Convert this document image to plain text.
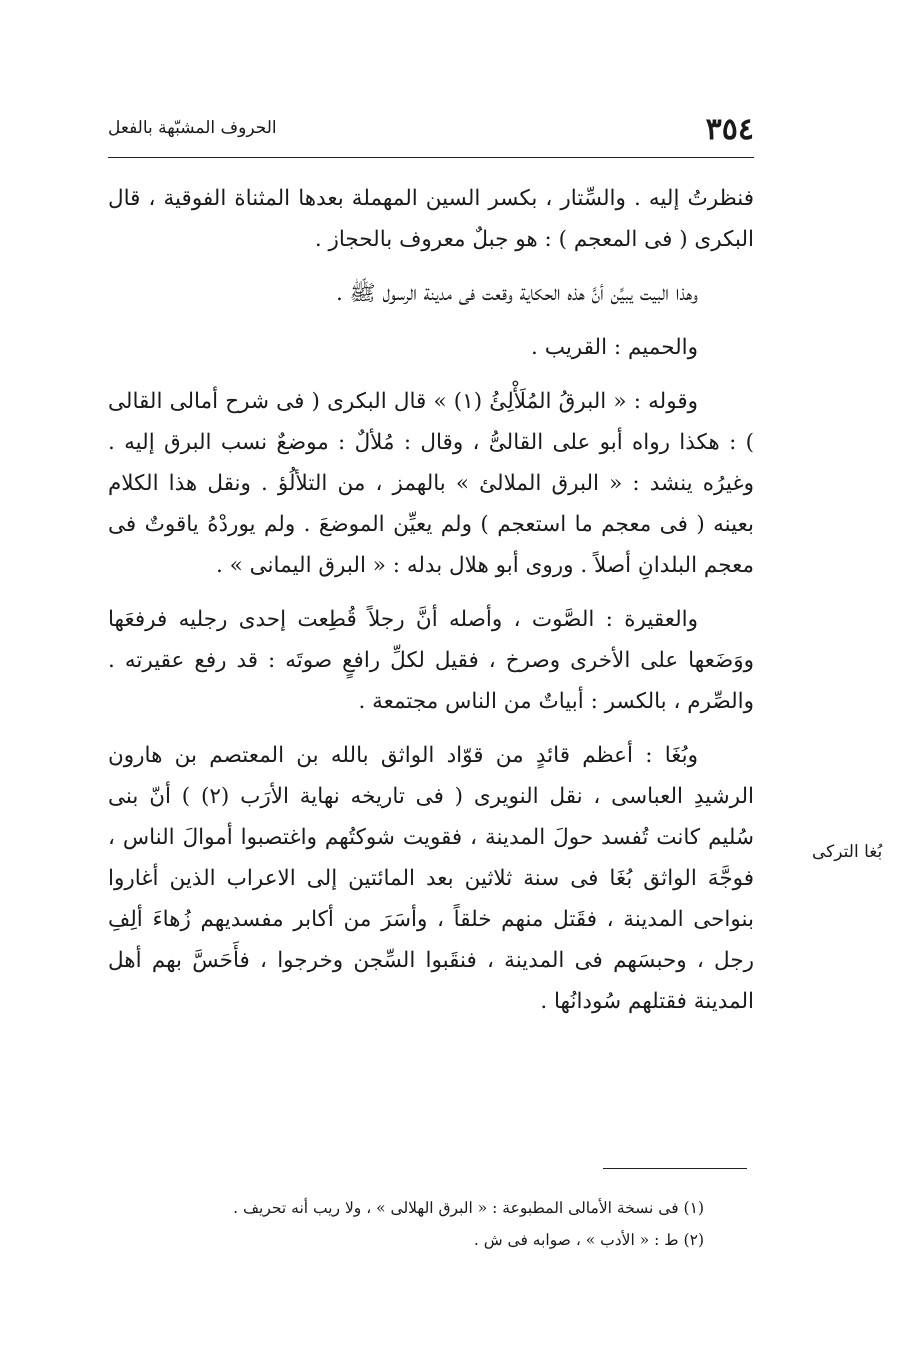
٣٥٤
الحروف المشبّهة بالفعل

فنظرتُ إليه . والسِّتار ، بكسر السين المهملة بعدها المثناة الفوقية ، قال البكرى ( فى المعجم ) : هو جبلٌ معروف بالحجاز .

وهذا البيت يبيِّن أنَّ هذه الحكاية وقعت فى مدينة الرسول ﷺ .

والحميم : القريب .

وقوله : « البرقُ المُلَأْلِئُ (١) » قال البكرى ( فى شرح أمالى القالى ) : هكذا رواه أبو على القالىُّ ، وقال : مُلألٌ : موضعٌ نسب البرق إليه . وغيرُه ينشد : « البرق الملالئ » بالهمز ، من التلألُؤ . ونقل هذا الكلام بعينه ( فى معجم ما استعجم ) ولم يعيِّن الموضعَ . ولم يوردْهُ ياقوتٌ فى معجم البلدانِ أصلاً . وروى أبو هلال بدله : « البرق اليمانى » .

والعقيرة : الصَّوت ، وأصله أنَّ رجلاً قُطِعت إحدى رجليه فرفعَها ووَضَعها على الأخرى وصرخ ، فقيل لكلِّ رافعٍ صوتَه : قد رفع عقيرته . والصِّرم ، بالكسر : أبياتٌ من الناس مجتمعة .

وبُغَا : أعظم قائدٍ من قوّاد الواثق بالله بن المعتصم بن هارون الرشيدِ العباسى ، نقل النويرى ( فى تاريخه نهاية الأرَب (٢) ) أنّ بنى سُليم كانت تُفسد حولَ المدينة ، فقويت شوكتُهم واغتصبوا أموالَ الناس ، فوجَّهَ الواثق بُغَا فى سنة ثلاثين بعد المائتين إلى الاعراب الذين أغاروا بنواحى المدينة ، فقَتل منهم خلقاً ، وأسَرَ من أكابر مفسديهم زُهاءَ ألِفِ رجل ، وحبسَهم فى المدينة ، فنقَبوا السِّجن وخرجوا ، فأَحَسَّ بهم أهل المدينة فقتلهم سُودانُها .

بُغا التركى

(١) فى نسخة الأمالى المطبوعة : « البرق الهلالى » ، ولا ريب أنه تحريف .

(٢) ط : « الأدب » ، صوابه فى ش .
